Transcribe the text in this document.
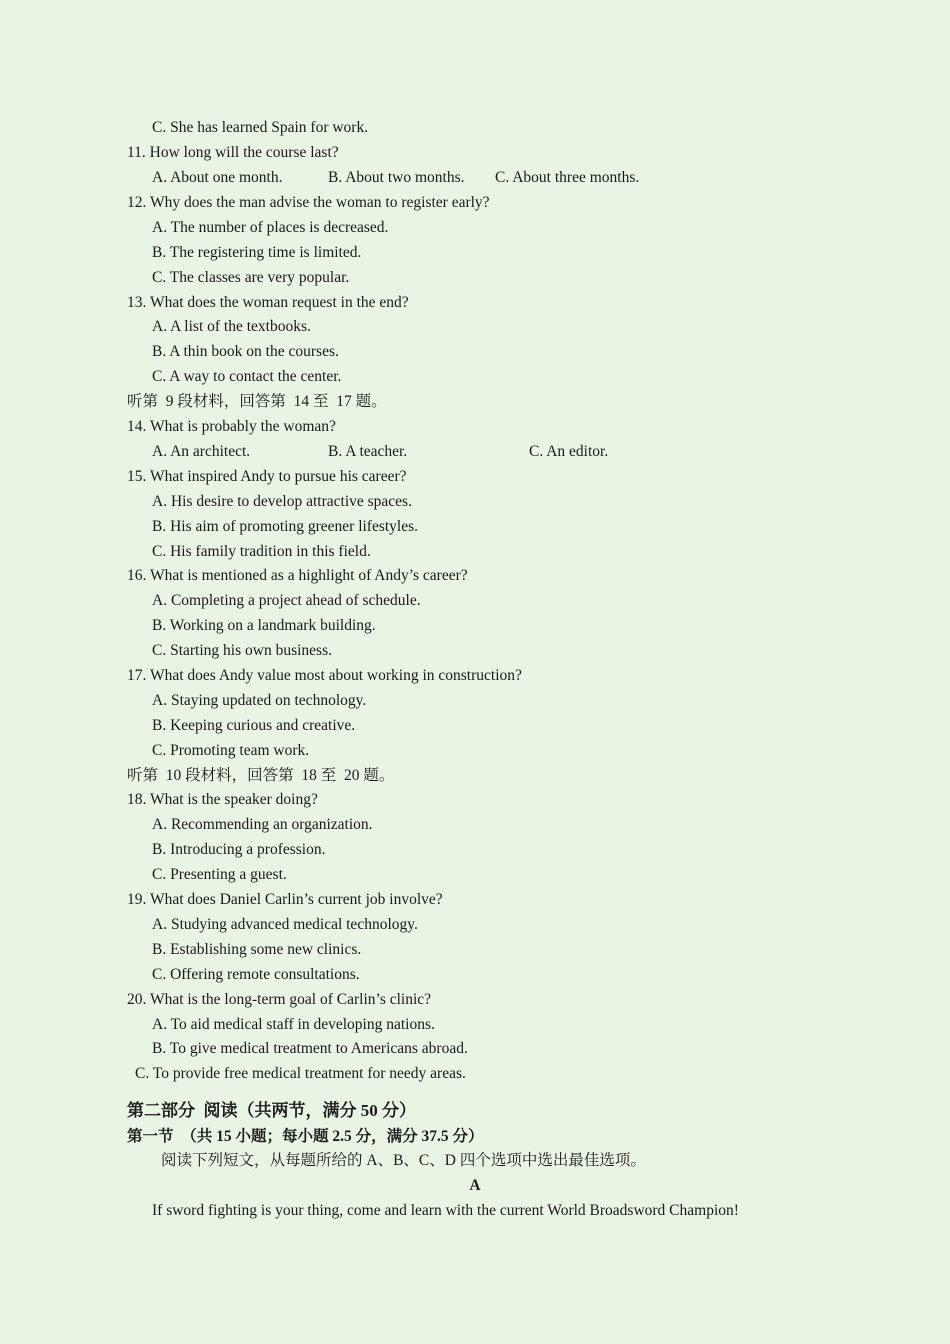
C. She has learned Spain for work.
11. How long will the course last?
A. About one month.	B. About two months. C. About three months.
12. Why does the man advise the woman to register early?
A. The number of places is decreased.
B. The registering time is limited.
C. The classes are very popular.
13. What does the woman request in the end?
A. A list of the textbooks.
B. A thin book on the courses.
C. A way to contact the center.
听第  9 段材料，回答第  14 至  17 题。
14. What is probably the woman?
A. An architect.	B. A teacher.	C. An editor.
15. What inspired Andy to pursue his career?
A. His desire to develop attractive spaces.
B. His aim of promoting greener lifestyles.
C. His family tradition in this field.
16. What is mentioned as a highlight of Andy’s career?
A. Completing a project ahead of schedule.
B. Working on a landmark building.
C. Starting his own business.
17. What does Andy value most about working in construction?
A. Staying updated on technology.
B. Keeping curious and creative.
C. Promoting team work.
听第  10 段材料，回答第  18 至  20 题。
18. What is the speaker doing?
A. Recommending an organization.
B. Introducing a profession.
C. Presenting a guest.
19. What does Daniel Carlin’s current job involve?
A. Studying advanced medical technology.
B. Establishing some new clinics.
C. Offering remote consultations.
20. What is the long-term goal of Carlin’s clinic?
A. To aid medical staff in developing nations.
B. To give medical treatment to Americans abroad.
C. To provide free medical treatment for needy areas.
第二部分  阅读（共两节，满分 50 分）
第一节  （共 15 小题；每小题 2.5 分，满分 37.5 分）
阅读下列短文，从每题所给的 A、B、C、D 四个选项中选出最佳选项。
A
If sword fighting is your thing, come and learn with the current World Broadsword Champion!
